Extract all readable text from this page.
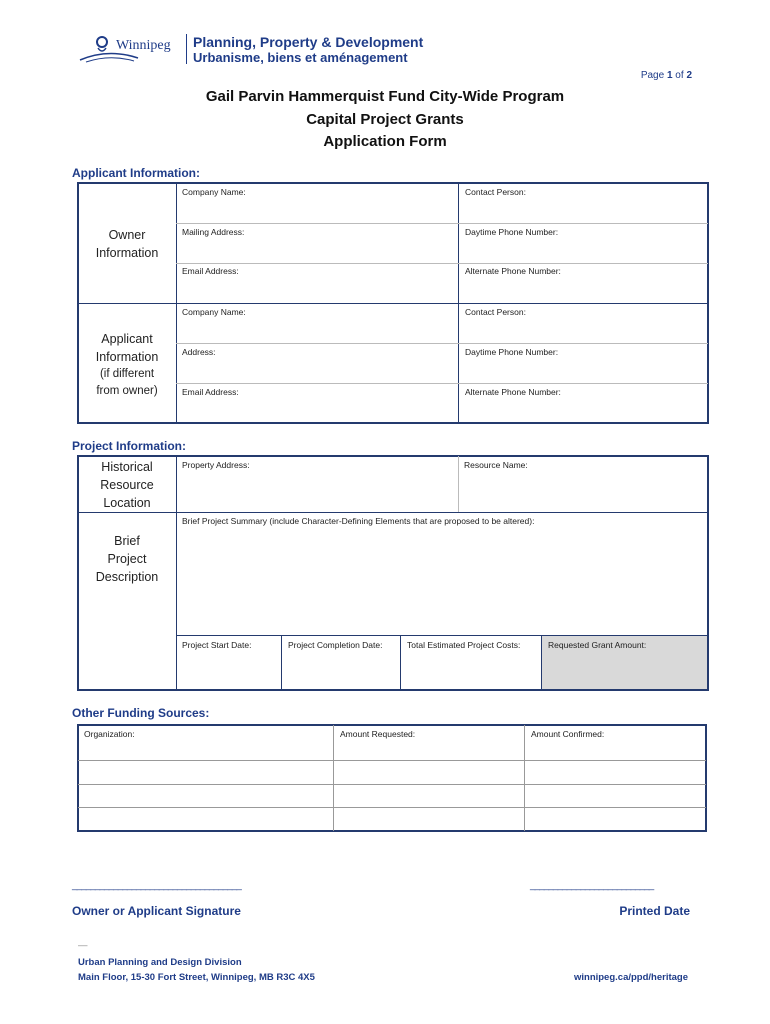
Winnipeg Planning, Property & Development
Urbanisme, biens et aménagement
Page 1 of 2
Gail Parvin Hammerquist Fund City-Wide Program
Capital Project Grants
Application Form
Applicant Information:
Owner
Information
Company Name:	Contact Person:
Mailing Address:	Daytime Phone Number:
Email Address:	Alternate Phone Number:
Applicant
Information
(if different
from owner)
Company Name:	Contact Person:
Address:	Daytime Phone Number:
Email Address:	Alternate Phone Number:
Project Information:
Historical
Resource
Location
Property Address:	Resource Name:
Brief
Project
Description
Brief Project Summary (include Character-Defining Elements that are proposed to be altered):
Project Start Date:	Project Completion Date:	Total Estimated Project Costs:	Requested Grant Amount:
Other Funding Sources:
Organization:	Amount Requested:	Amount Confirmed:
_____________________________________	___________________________
Owner or Applicant Signature	Printed Date
—
Urban Planning and Design Division
Main Floor, 15-30 Fort Street, Winnipeg, MB R3C 4X5	winnipeg.ca/ppd/heritage
